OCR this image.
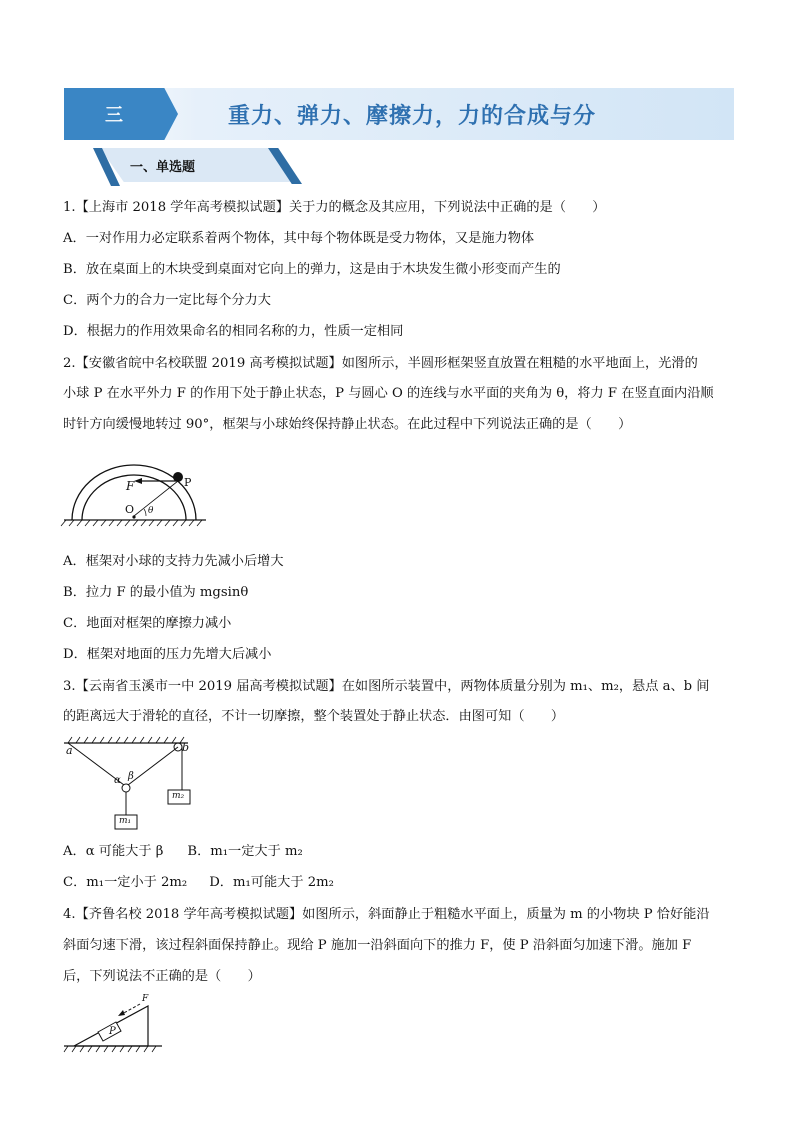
三	重力、弹力、摩擦力，力的合成与分
一、单选题
1.【上海市 2018 学年高考模拟试题】关于力的概念及其应用，下列说法中正确的是（　　）
A．一对作用力必定联系着两个物体，其中每个物体既是受力物体，又是施力物体
B．放在桌面上的木块受到桌面对它向上的弹力，这是由于木块发生微小形变而产生的
C．两个力的合力一定比每个分力大
D．根据力的作用效果命名的相同名称的力，性质一定相同
2.【安徽省皖中名校联盟 2019 高考模拟试题】如图所示，半圆形框架竖直放置在粗糙的水平地面上，光滑的
小球 P 在水平外力 F 的作用下处于静止状态，P 与圆心 O 的连线与水平面的夹角为 θ，将力 F 在竖直面内沿顺
时针方向缓慢地转过 90°，框架与小球始终保持静止状态。在此过程中下列说法正确的是（　　）
F	P
O θ
A．框架对小球的支持力先减小后增大
B．拉力 F 的最小值为 mgsinθ
C．地面对框架的摩擦力减小
D．框架对地面的压力先增大后减小
3.【云南省玉溪市一中 2019 届高考模拟试题】在如图所示装置中，两物体质量分别为 m₁、m₂，悬点 a、b 间
的距离远大于滑轮的直径，不计一切摩擦，整个装置处于静止状态．由图可知（　　）
a	b
α β
m₂
m₁
A．α 可能大于 β B．m₁一定大于 m₂
C．m₁一定小于 2m₂ D．m₁可能大于 2m₂
4.【齐鲁名校 2018 学年高考模拟试题】如图所示，斜面静止于粗糙水平面上，质量为 m 的小物块 P 恰好能沿
斜面匀速下滑，该过程斜面保持静止。现给 P 施加一沿斜面向下的推力 F，使 P 沿斜面匀加速下滑。施加 F
后，下列说法不正确的是（　　）
P
F
